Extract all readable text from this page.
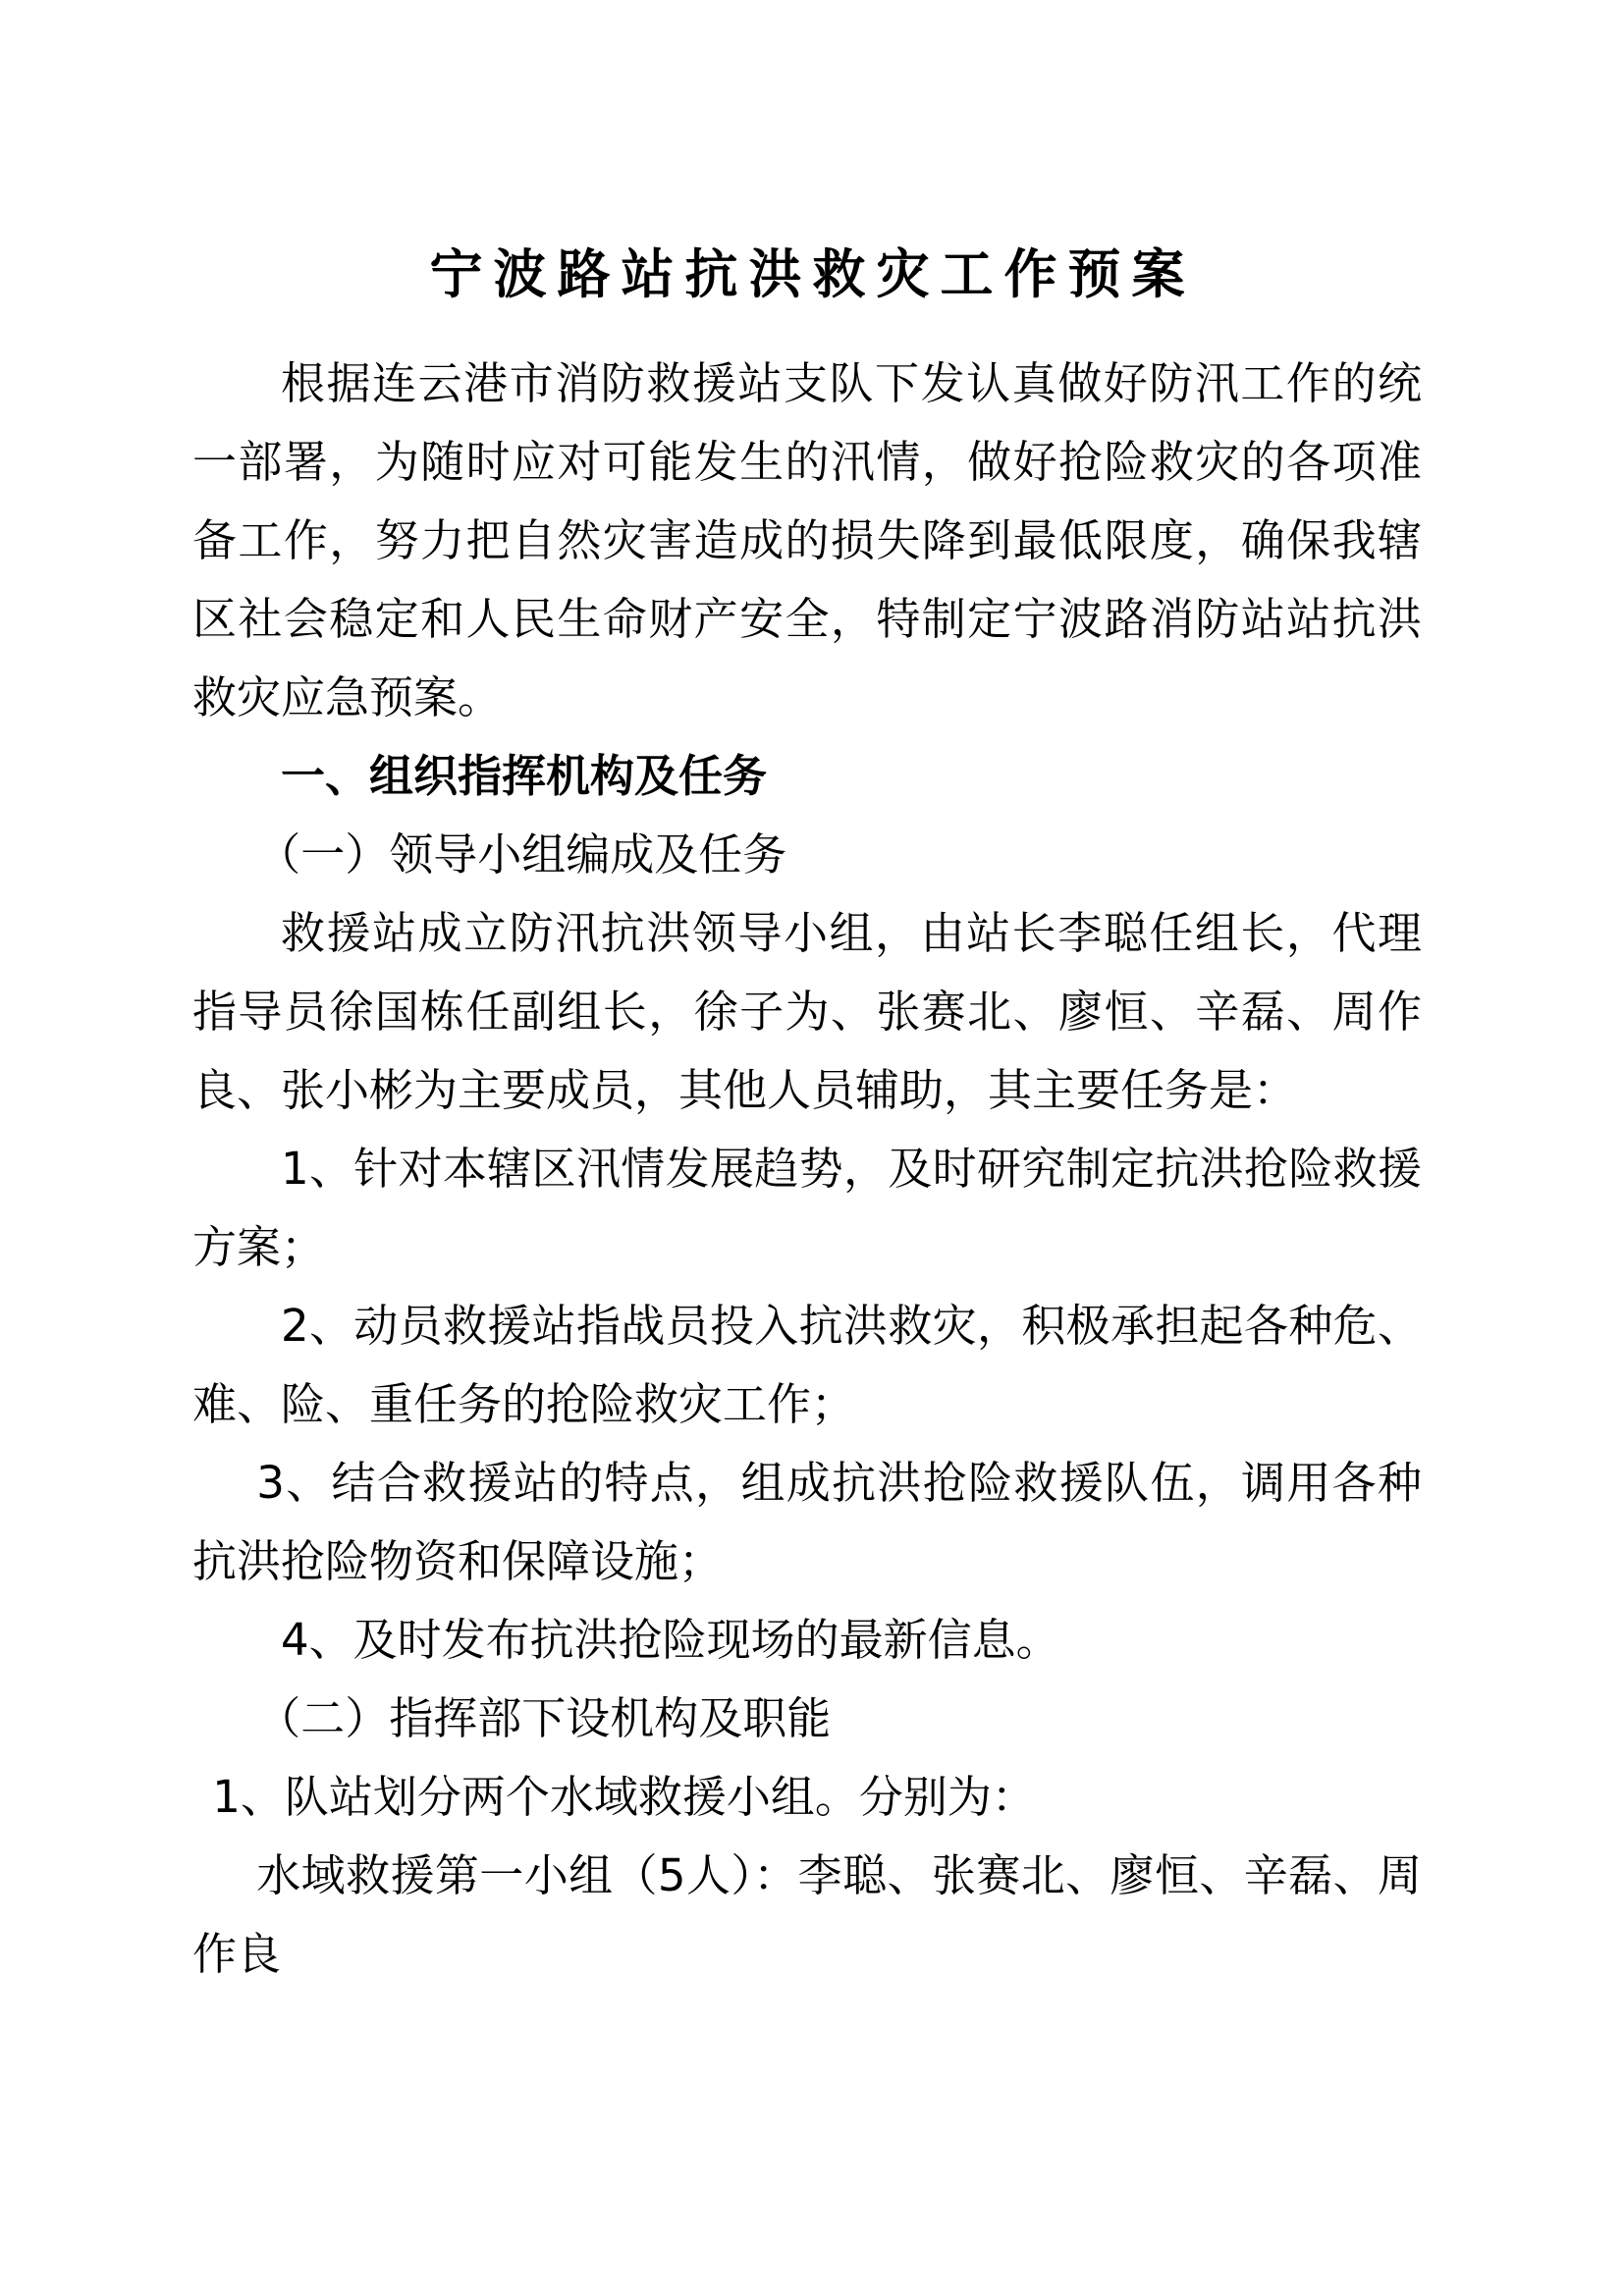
宁波路站抗洪救灾工作预案

根据连云港市消防救援站支队下发认真做好防汛工作的统一部署，为随时应对可能发生的汛情，做好抢险救灾的各项准备工作，努力把自然灾害造成的损失降到最低限度，确保我辖区社会稳定和人民生命财产安全，特制定宁波路消防站站抗洪救灾应急预案。

一、组织指挥机构及任务

（一）领导小组编成及任务

救援站成立防汛抗洪领导小组，由站长李聪任组长，代理指导员徐国栋任副组长，徐子为、张赛北、廖恒、辛磊、周作良、张小彬为主要成员，其他人员辅助，其主要任务是：

1、针对本辖区汛情发展趋势，及时研究制定抗洪抢险救援方案；

2、动员救援站指战员投入抗洪救灾，积极承担起各种危、难、险、重任务的抢险救灾工作；

3、结合救援站的特点，组成抗洪抢险救援队伍，调用各种抗洪抢险物资和保障设施；

4、及时发布抗洪抢险现场的最新信息。

（二）指挥部下设机构及职能

1、队站划分两个水域救援小组。分别为：

水域救援第一小组（5人）：李聪、张赛北、廖恒、辛磊、周作良
